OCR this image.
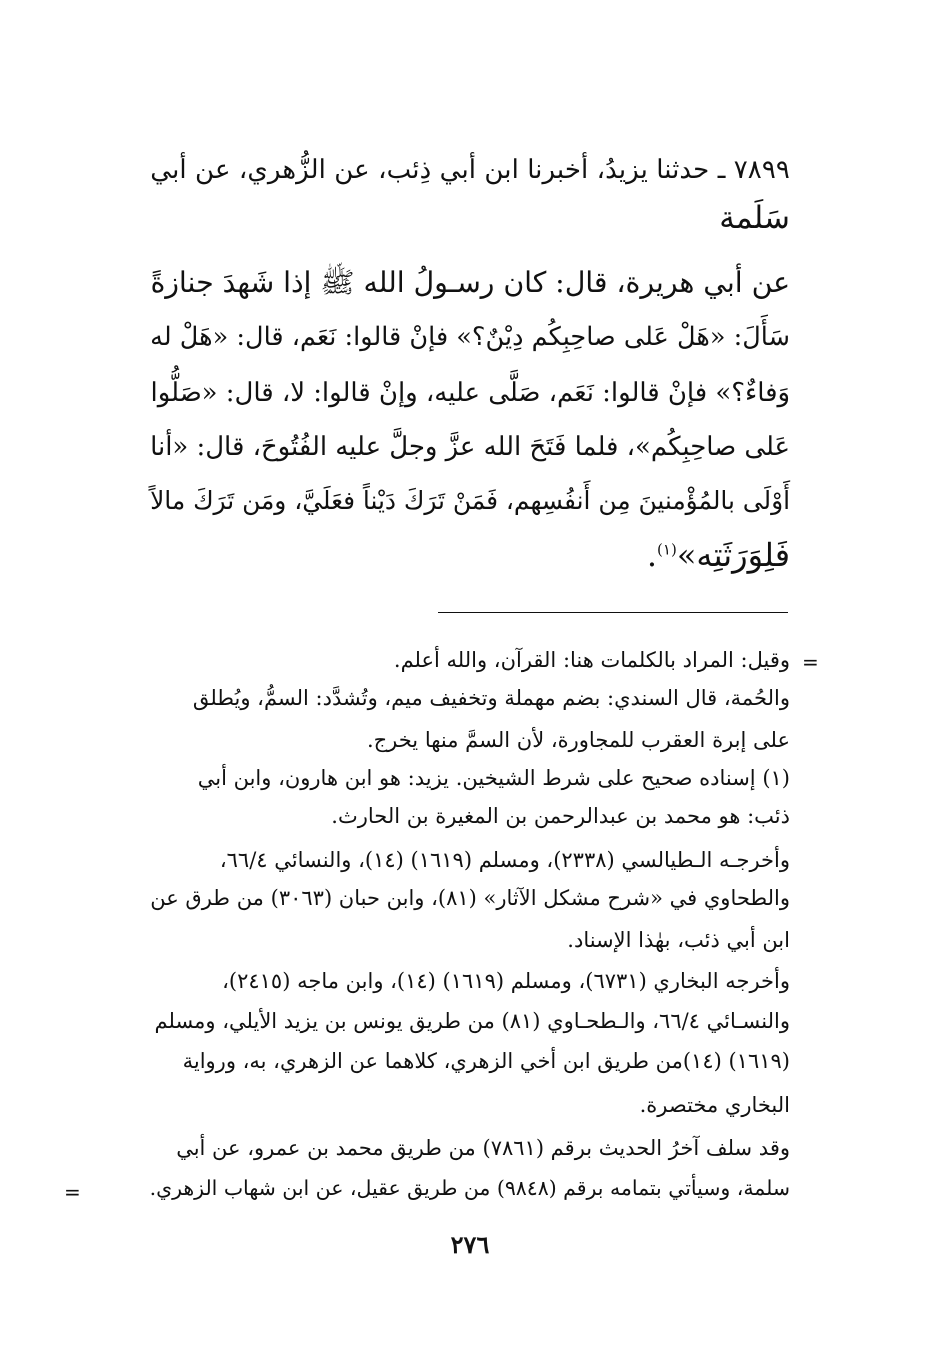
٧٨٩٩ ـ حدثنا يزيدُ، أخبرنا ابن أبي ذِئب، عن الزُّهري، عن أبي
سَلَمة
عن أبي هريرة، قال: كان رسـولُ الله ﷺ إذا شَهدَ جنازةً
سَأَلَ: «هَلْ عَلى صاحِبِكُم دِيْنٌ؟» فإنْ قالوا: نَعَم، قال: «هَلْ له
وَفاءٌ؟» فإنْ قالوا: نَعَم، صَلَّى عليه، وإنْ قالوا: لا، قال: «صَلُّوا
عَلى صاحِبِكُم»، فلما فَتَحَ الله عزَّ وجلَّ عليه الفُتُوحَ، قال: «أنا
أَوْلَى بالمُؤْمنينَ مِن أَنفُسِهم، فَمَنْ تَرَكَ دَيْناً فعَلَيَّ، ومَن تَرَكَ مالاً
فَلِوَرَثَتِه»$^{(١)}$.
=
=
وقيل: المراد بالكلمات هنا: القرآن، والله أعلم.
والحُمة، قال السندي: بضم مهملة وتخفيف ميم، وتُشدَّد: السمُّ، ويُطلق
على إبرة العقرب للمجاورة، لأن السمَّ منها يخرج.
(١) إسناده صحيح على شرط الشيخين. يزيد: هو ابن هارون، وابن أبي
ذئب: هو محمد بن عبدالرحمن بن المغيرة بن الحارث.
وأخرجـه الـطيالسي (٢٣٣٨)، ومسلم (١٦١٩) (١٤)، والنسائي ٦٦/٤،
والطحاوي في «شرح مشكل الآثار» (٨١)، وابن حبان (٣٠٦٣) من طرق عن
ابن أبي ذئب، بهٰذا الإسناد.
وأخرجه البخاري (٦٧٣١)، ومسلم (١٦١٩) (١٤)، وابن ماجه (٢٤١٥)،
والنسـائي ٦٦/٤، والـطحـاوي (٨١) من طريق يونس بن يزيد الأيلي، ومسلم
(١٦١٩) (١٤)من طريق ابن أخي الزهري، كلاهما عن الزهري، به، ورواية
البخاري مختصرة.
وقد سلف آخرُ الحديث برقم (٧٨٦١) من طريق محمد بن عمرو، عن أبي
سلمة، وسيأتي بتمامه برقم (٩٨٤٨) من طريق عقيل، عن ابن شهاب الزهري.
٢٧٦
